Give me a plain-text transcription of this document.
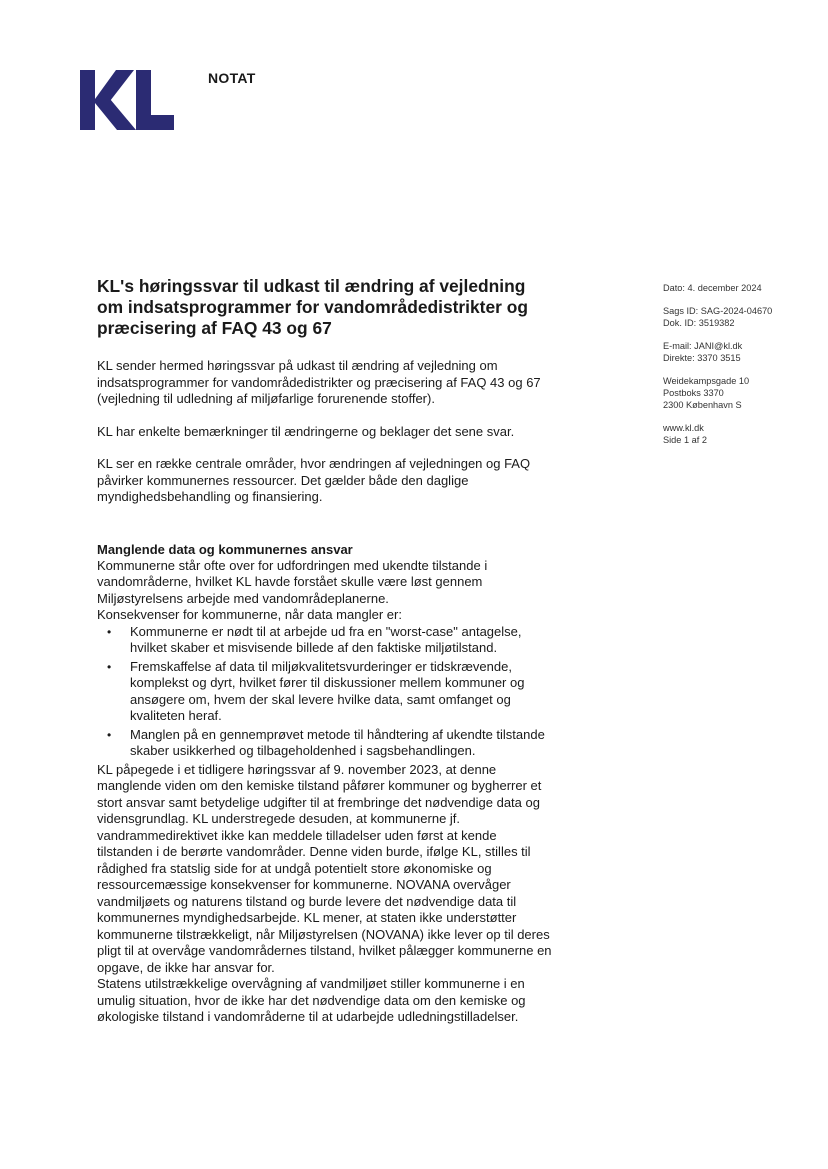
NOTAT
Dato: 4. december 2024
Sags ID: SAG-2024-04670
Dok. ID: 3519382
E-mail: JANI@kl.dk
Direkte: 3370 3515
Weidekampsgade 10
Postboks 3370
2300 København S
www.kl.dk
Side 1 af 2
KL's høringssvar til udkast til ændring af vejledning om indsatsprogrammer for vandområdedistrikter og præcisering af FAQ 43 og 67

KL sender hermed høringssvar på udkast til ændring af vejledning om indsatsprogrammer for vandområdedistrikter og præcisering af FAQ 43 og 67 (vejledning til udledning af miljøfarlige forurenende stoffer).

KL har enkelte bemærkninger til ændringerne og beklager det sene svar.

KL ser en række centrale områder, hvor ændringen af vejledningen og FAQ påvirker kommunernes ressourcer. Det gælder både den daglige myndighedsbehandling og finansiering.

Manglende data og kommunernes ansvar

Kommunerne står ofte over for udfordringen med ukendte tilstande i vandområderne, hvilket KL havde forstået skulle være løst gennem Miljøstyrelsens arbejde med vandområdeplanerne.

Konsekvenser for kommunerne, når data mangler er:

• Kommunerne er nødt til at arbejde ud fra en "worst-case" antagelse, hvilket skaber et misvisende billede af den faktiske miljøtilstand.
• Fremskaffelse af data til miljøkvalitetsvurderinger er tidskrævende, komplekst og dyrt, hvilket fører til diskussioner mellem kommuner og ansøgere om, hvem der skal levere hvilke data, samt omfanget og kvaliteten heraf.
• Manglen på en gennemprøvet metode til håndtering af ukendte tilstande skaber usikkerhed og tilbageholdenhed i sagsbehandlingen.

KL påpegede i et tidligere høringssvar af 9. november 2023, at denne manglende viden om den kemiske tilstand påfører kommuner og bygherrer et stort ansvar samt betydelige udgifter til at frembringe det nødvendige data og vidensgrundlag. KL understregede desuden, at kommunerne jf. vandrammedirektivet ikke kan meddele tilladelser uden først at kende tilstanden i de berørte vandområder. Denne viden burde, ifølge KL, stilles til rådighed fra statslig side for at undgå potentielt store økonomiske og ressourcemæssige konsekvenser for kommunerne. NOVANA overvåger vandmiljøets og naturens tilstand og burde levere det nødvendige data til kommunernes myndighedsarbejde. KL mener, at staten ikke understøtter kommunerne tilstrækkeligt, når Miljøstyrelsen (NOVANA) ikke lever op til deres pligt til at overvåge vandområdernes tilstand, hvilket pålægger kommunerne en opgave, de ikke har ansvar for.

Statens utilstrækkelige overvågning af vandmiljøet stiller kommunerne i en umulig situation, hvor de ikke har det nødvendige data om den kemiske og økologiske tilstand i vandområderne til at udarbejde udledningstilladelser.
